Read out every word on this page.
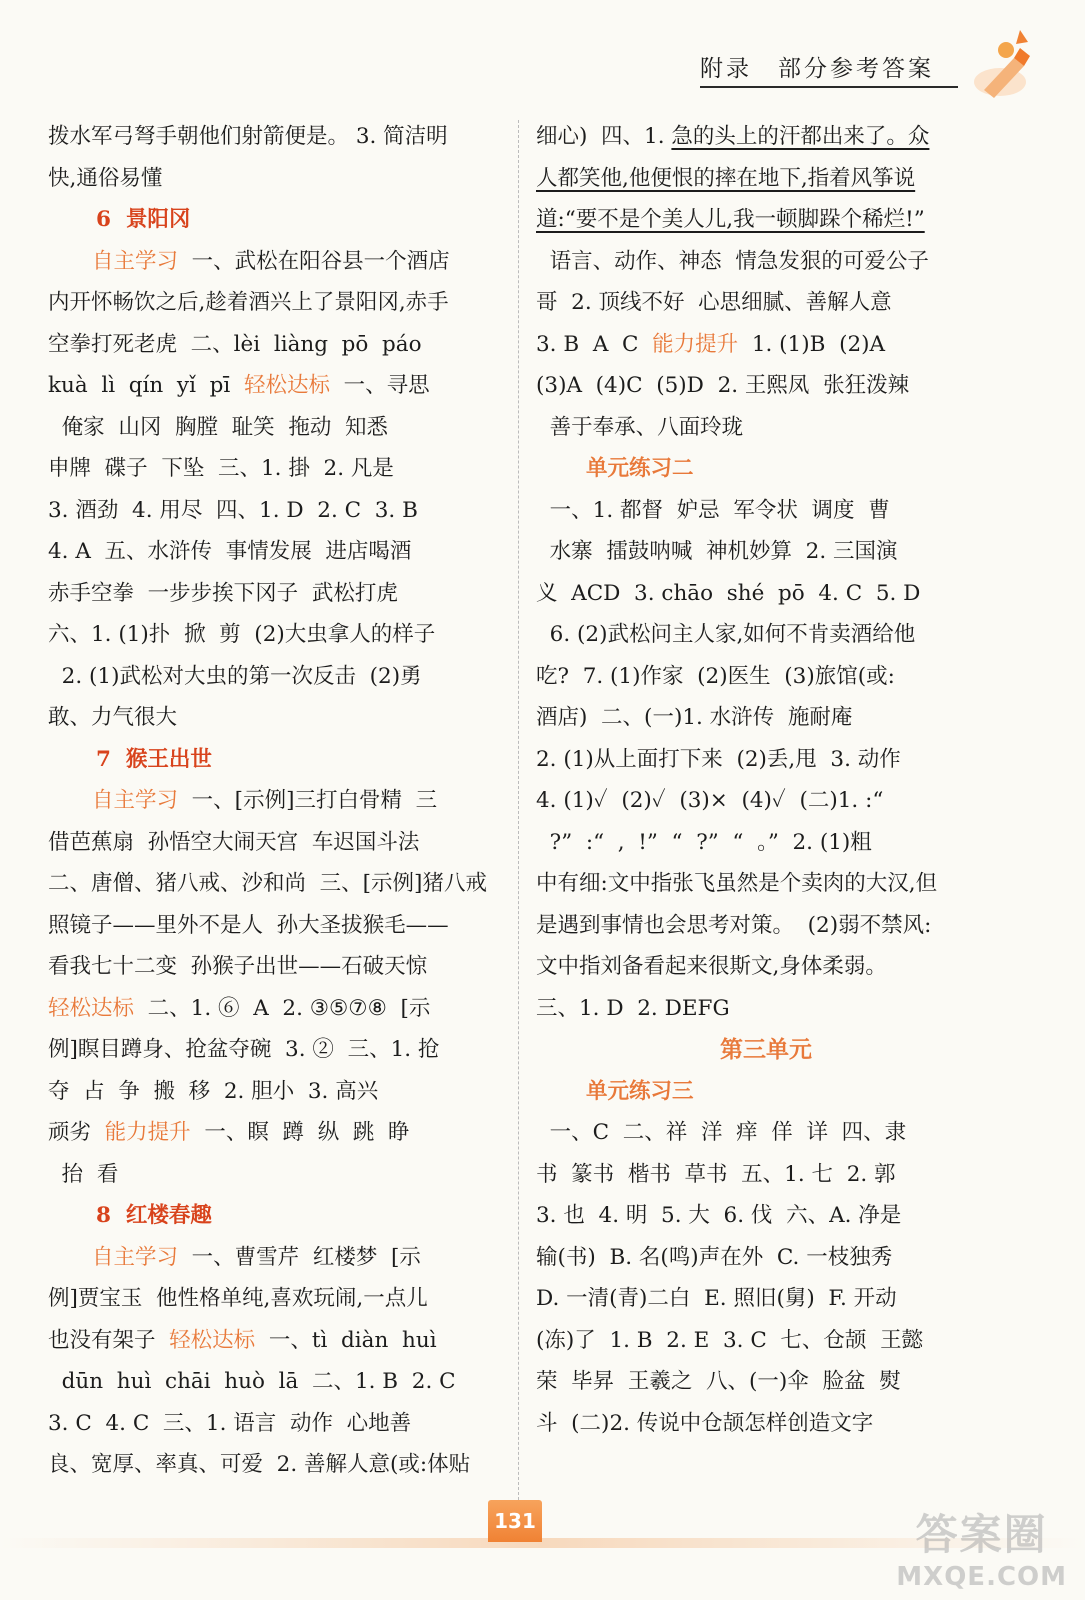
附录 部分参考答案
拨水军弓弩手朝他们射箭便是。 3. 简洁明
快,通俗易懂
6  景阳冈
自主学习  一、武松在阳谷县一个酒店
内开怀畅饮之后,趁着酒兴上了景阳冈,赤手
空拳打死老虎  二、lèi  liàng  pō  páo
kuà  lì  qín  yǐ  pī  轻松达标  一、寻思
俺家  山冈  胸膛  耻笑  拖动  知悉
申牌  碟子  下坠  三、1. 掛  2. 凡是
3. 酒劲  4. 用尽  四、1. D  2. C  3. B
4. A  五、水浒传  事情发展  进店喝酒
赤手空拳  一步步挨下冈子  武松打虎
六、1. (1)扑  掀  剪  (2)大虫拿人的样子
2. (1)武松对大虫的第一次反击  (2)勇
敢、力气很大
7  猴王出世
自主学习  一、[示例]三打白骨精  三
借芭蕉扇  孙悟空大闹天宫  车迟国斗法
二、唐僧、猪八戒、沙和尚  三、[示例]猪八戒
照镜子——里外不是人  孙大圣拔猴毛——
看我七十二变  孙猴子出世——石破天惊
轻松达标  二、1. ⑥  A  2. ③⑤⑦⑧  [示
例]瞑目蹲身、抢盆夺碗  3. ②  三、1. 抢
夺  占  争  搬  移  2. 胆小  3. 高兴
顽劣  能力提升  一、瞑  蹲  纵  跳  睁
抬  看
8  红楼春趣
自主学习  一、曹雪芹  红楼梦  [示
例]贾宝玉  他性格单纯,喜欢玩闹,一点儿
也没有架子  轻松达标  一、tì  diàn  huì
dūn  huì  chāi  huò  lā  二、1. B  2. C
3. C  4. C  三、1. 语言  动作  心地善
良、宽厚、率真、可爱  2. 善解人意(或:体贴
细心)  四、1. 急的头上的汗都出来了。众
人都笑他,他便恨的摔在地下,指着风筝说
道:“要不是个美人儿,我一顿脚跺个稀烂!”
语言、动作、神态  情急发狠的可爱公子
哥  2. 顶线不好  心思细腻、善解人意
3. B  A  C  能力提升  1. (1)B  (2)A
(3)A  (4)C  (5)D  2. 王熙凤  张狂泼辣
善于奉承、八面玲珑
单元练习二
一、1. 都督  妒忌  军令状  调度  曹
水寨  擂鼓呐喊  神机妙算  2. 三国演
义  ACD  3. chāo  shé  pō  4. C  5. D
6. (2)武松问主人家,如何不肯卖酒给他
吃?  7. (1)作家  (2)医生  (3)旅馆(或:
酒店)  二、(一)1. 水浒传  施耐庵
2. (1)从上面打下来  (2)丢,甩  3. 动作
4. (1)✓  (2)✓  (3)×  (4)✓  (二)1. :“
?”  :“  ,  !”  “  ?”  “  。”  2. (1)粗
中有细:文中指张飞虽然是个卖肉的大汉,但
是遇到事情也会思考对策。  (2)弱不禁风:
文中指刘备看起来很斯文,身体柔弱。
三、1. D  2. DEFG
第三单元
单元练习三
一、C  二、祥  洋  痒  佯  详  四、隶
书  篆书  楷书  草书  五、1. 七  2. 郭
3. 也  4. 明  5. 大  6. 伐  六、A. 净是
输(书)  B. 名(鸣)声在外  C. 一枝独秀
D. 一清(青)二白  E. 照旧(舅)  F. 开动
(冻)了  1. B  2. E  3. C  七、仓颉  王懿
荣  毕昇  王羲之  八、(一)伞  脸盆  熨
斗  (二)2. 传说中仓颉怎样创造文字
131	答案圈
MXQE.COM
